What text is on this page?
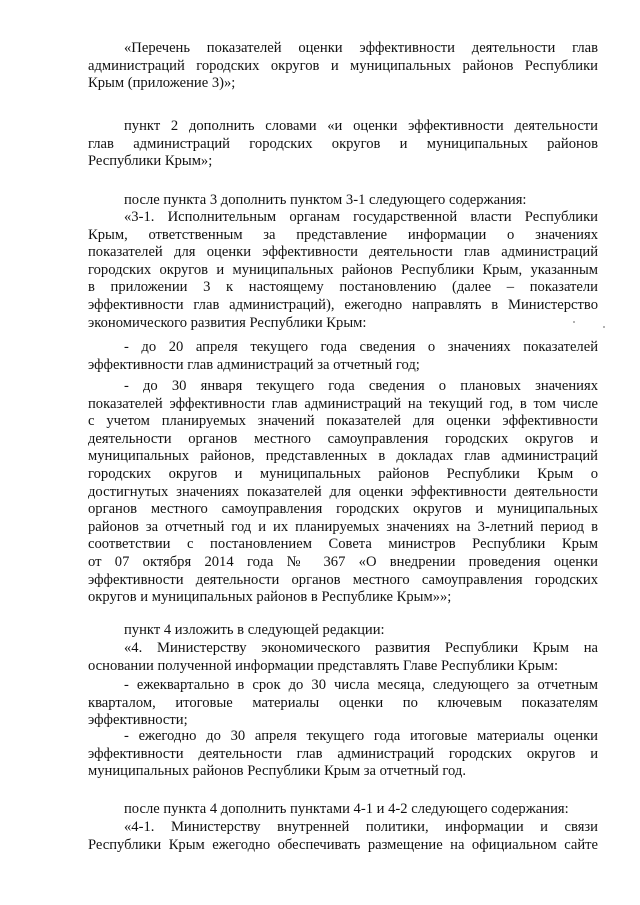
«Перечень показателей оценки эффективности деятельности глав
администраций городских округов и муниципальных районов Республики
Крым (приложение 3)»;
пункт 2 дополнить словами «и оценки эффективности деятельности
глав администраций городских округов и муниципальных районов
Республики Крым»;
после пункта 3 дополнить пунктом 3-1 следующего содержания:
«3-1. Исполнительным органам государственной власти Республики
Крым, ответственным за представление информации о значениях
показателей для оценки эффективности деятельности глав администраций
городских округов и муниципальных районов Республики Крым, указанным
в приложении 3 к настоящему постановлению (далее – показатели
эффективности глав администраций), ежегодно направлять в Министерство
экономического развития Республики Крым:
- до 20 апреля текущего года сведения о значениях показателей
эффективности глав администраций за отчетный год;
- до 30 января текущего года сведения о плановых значениях
показателей эффективности глав администраций на текущий год, в том числе
с учетом планируемых значений показателей для оценки эффективности
деятельности органов местного самоуправления городских округов и
муниципальных районов, представленных в докладах глав администраций
городских округов и муниципальных районов Республики Крым о
достигнутых значениях показателей для оценки эффективности деятельности
органов местного самоуправления городских округов и муниципальных
районов за отчетный год и их планируемых значениях на 3-летний период в
соответствии с постановлением Совета министров Республики Крым
от 07 октября 2014 года № 367 «О внедрении проведения оценки
эффективности деятельности органов местного самоуправления городских
округов и муниципальных районов в Республике Крым»»;
пункт 4 изложить в следующей редакции:
«4. Министерству экономического развития Республики Крым на
основании полученной информации представлять Главе Республики Крым:
- ежеквартально в срок до 30 числа месяца, следующего за отчетным
кварталом, итоговые материалы оценки по ключевым показателям
эффективности;
- ежегодно до 30 апреля текущего года итоговые материалы оценки
эффективности деятельности глав администраций городских округов и
муниципальных районов Республики Крым за отчетный год.
после пункта 4 дополнить пунктами 4-1 и 4-2 следующего содержания:
«4-1. Министерству внутренней политики, информации и связи
Республики Крым ежегодно обеспечивать размещение на официальном сайте
